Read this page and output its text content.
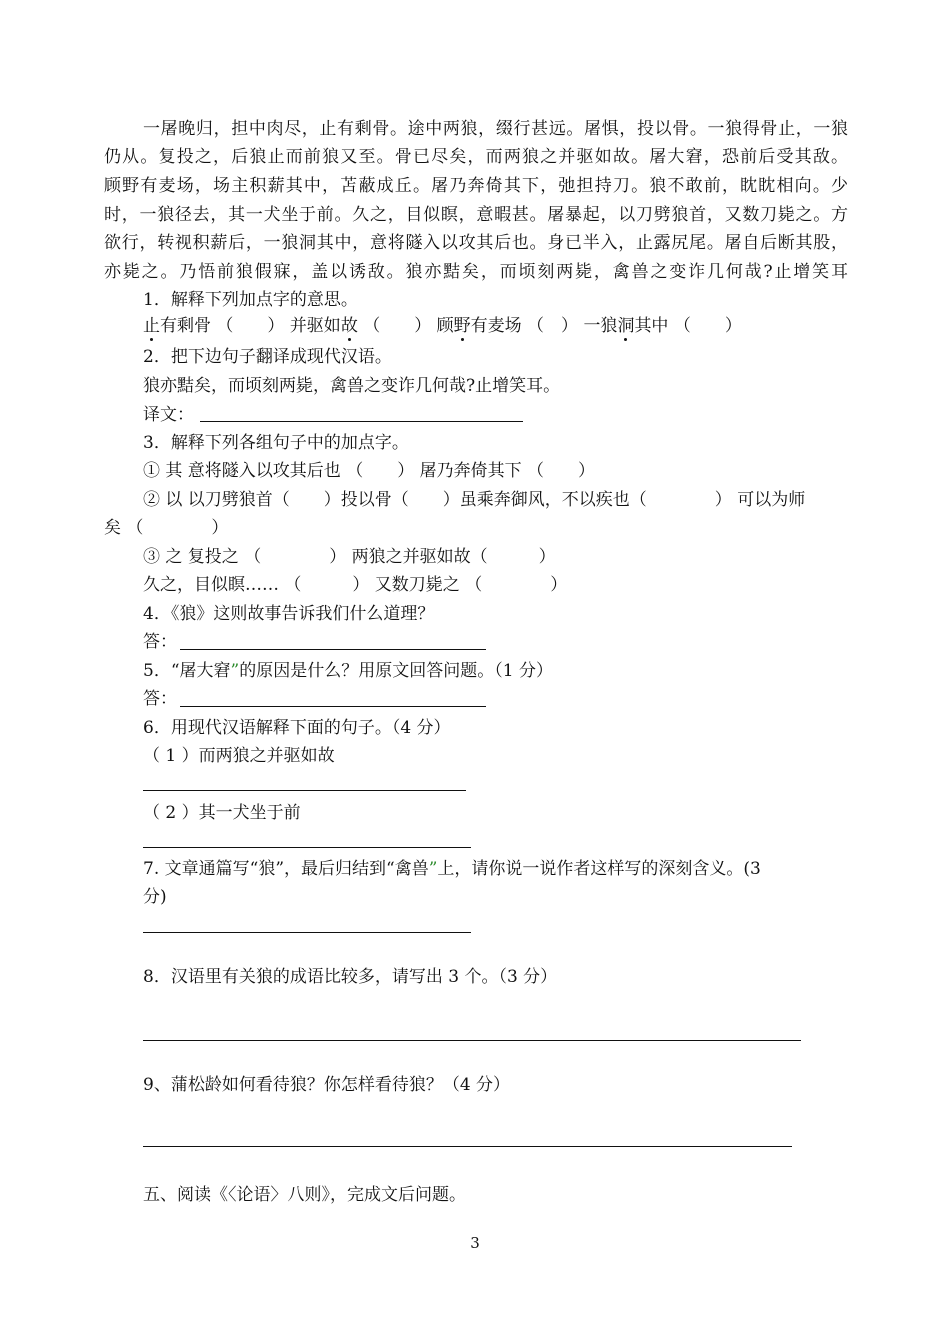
一屠晚归，担中肉尽，止有剩骨。途中两狼，缀行甚远。屠惧，投以骨。一狼得骨止，一狼
仍从。复投之，后狼止而前狼又至。骨已尽矣，而两狼之并驱如故。屠大窘，恐前后受其敌。
顾野有麦场，场主积薪其中，苫蔽成丘。屠乃奔倚其下，弛担持刀。狼不敢前，眈眈相向。少
时，一狼径去，其一犬坐于前。久之，目似瞑，意暇甚。屠暴起，以刀劈狼首，又数刀毙之。方
欲行，转视积薪后，一狼洞其中，意将隧入以攻其后也。身已半入，止露尻尾。屠自后断其股，
亦毙之。乃悟前狼假寐，盖以诱敌。狼亦黠矣，而顷刻两毙，禽兽之变诈几何哉?止增笑耳
1．解释下列加点字的意思。
止有剩骨 （　　） 并驱如故 （　　） 顾野有麦场 （　） 一狼洞其中 （　　）
2．把下边句子翻译成现代汉语。
狼亦黠矣，而顷刻两毙，禽兽之变诈几何哉?止增笑耳。
译文：
3．解释下列各组句子中的加点字。
① 其 意将隧入以攻其后也 （　　） 屠乃奔倚其下 （　　）
② 以 以刀劈狼首（　　）投以骨（　　）虽乘奔御风，不以疾也（　　　　） 可以为师
矣 （　　　　）
③ 之 复投之 （　　　　） 两狼之并驱如故（　　　）
久之，目似瞑…… （　　　） 又数刀毙之 （　　　　）
4．《狼》这则故事告诉我们什么道理？
答：
5．“屠大窘”的原因是什么？用原文回答问题。（1 分）
答：
6．用现代汉语解释下面的句子。（4 分）
（ 1 ）而两狼之并驱如故
（ 2 ）其一犬坐于前
7. 文章通篇写“狼”，最后归结到“禽兽”上，请你说一说作者这样写的深刻含义。(3
分)
8．汉语里有关狼的成语比较多，请写出 3 个。（3 分）
9、蒲松龄如何看待狼？你怎样看待狼？（4 分）
五、阅读《〈论语〉八则》，完成文后问题。
3
